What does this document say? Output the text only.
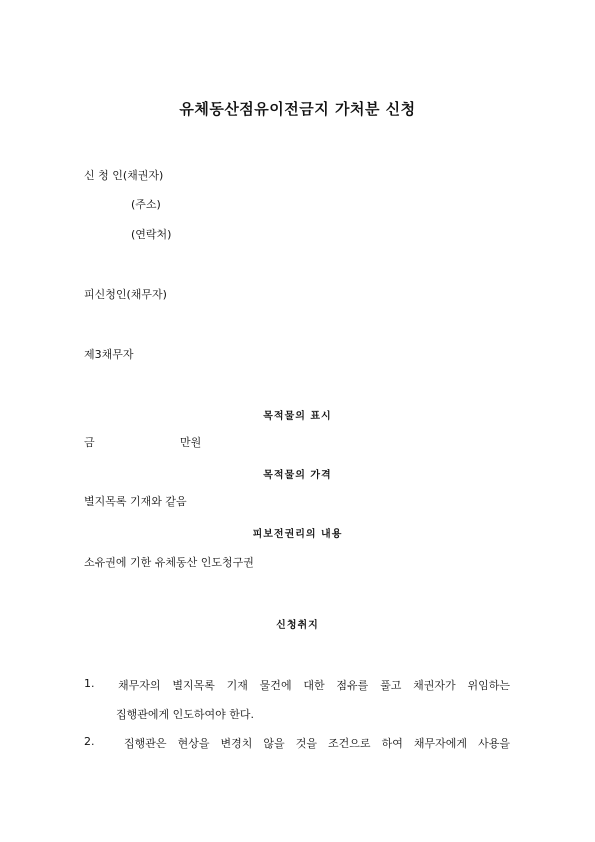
유체동산점유이전금지 가처분 신청
신 청 인(채권자)
(주소)
(연락처)
피신청인(채무자)
제3채무자
목적물의 표시
금	만원
목적물의 가격
별지목록 기재와 같음
피보전권리의 내용
소유권에 기한 유체동산 인도청구권
신청취지
1. 채무자의 별지목록 기재 물건에 대한 점유를 풀고 채권자가 위임하는
집행관에게 인도하여야 한다.
2.	집행관은 현상을 변경치 않을 것을 조건으로 하여 채무자에게 사용을
